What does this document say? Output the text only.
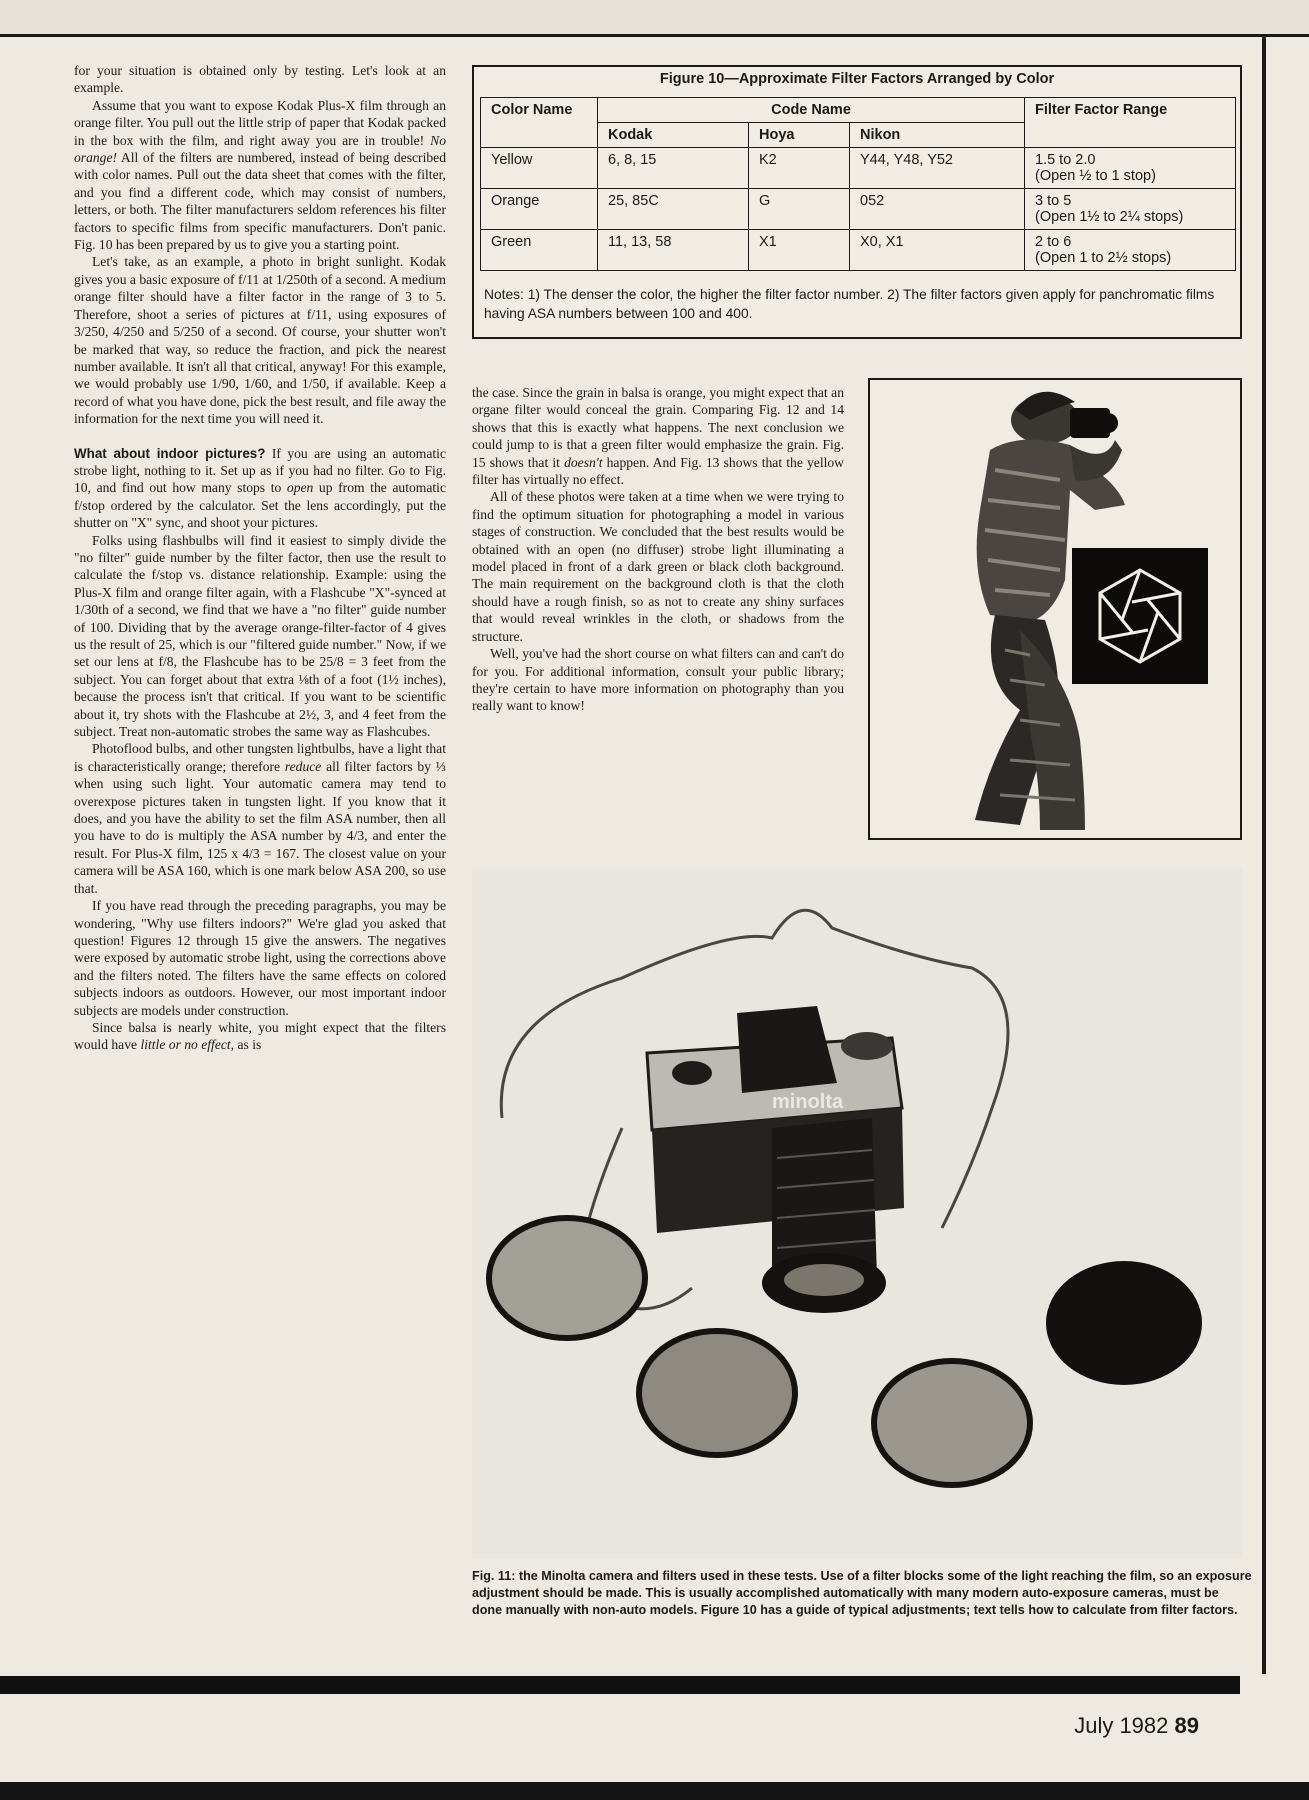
for your situation is obtained only by testing. Let's look at an example.

Assume that you want to expose Kodak Plus-X film through an orange filter. You pull out the little strip of paper that Kodak packed in the box with the film, and right away you are in trouble! No orange! All of the filters are numbered, instead of being described with color names. Pull out the data sheet that comes with the filter, and you find a different code, which may consist of numbers, letters, or both. The filter manufacturers seldom references his filter factors to specific films from specific manufacturers. Don't panic. Fig. 10 has been prepared by us to give you a starting point.

Let's take, as an example, a photo in bright sunlight. Kodak gives you a basic exposure of f/11 at 1/250th of a second. A medium orange filter should have a filter factor in the range of 3 to 5. Therefore, shoot a series of pictures at f/11, using exposures of 3/250, 4/250 and 5/250 of a second. Of course, your shutter won't be marked that way, so reduce the fraction, and pick the nearest number available. It isn't all that critical, anyway! For this example, we would probably use 1/90, 1/60, and 1/50, if available. Keep a record of what you have done, pick the best result, and file away the information for the next time you will need it.

What about indoor pictures? If you are using an automatic strobe light, nothing to it. Set up as if you had no filter. Go to Fig. 10, and find out how many stops to open up from the automatic f/stop ordered by the calculator. Set the lens accordingly, put the shutter on "X" sync, and shoot your pictures.

Folks using flashbulbs will find it easiest to simply divide the "no filter" guide number by the filter factor, then use the result to calculate the f/stop vs. distance relationship. Example: using the Plus-X film and orange filter again, with a Flashcube "X"-synced at 1/30th of a second, we find that we have a "no filter" guide number of 100. Dividing that by the average orange-filter-factor of 4 gives us the result of 25, which is our "filtered guide number." Now, if we set our lens at f/8, the Flashcube has to be 25/8 = 3 feet from the subject. You can forget about that extra ⅛th of a foot (1½ inches), because the process isn't that critical. If you want to be scientific about it, try shots with the Flashcube at 2½, 3, and 4 feet from the subject. Treat non-automatic strobes the same way as Flashcubes.

Photoflood bulbs, and other tungsten lightbulbs, have a light that is characteristically orange; therefore reduce all filter factors by ⅓ when using such light. Your automatic camera may tend to overexpose pictures taken in tungsten light. If you know that it does, and you have the ability to set the film ASA number, then all you have to do is multiply the ASA number by 4/3, and enter the result. For Plus-X film, 125 x 4/3 = 167. The closest value on your camera will be ASA 160, which is one mark below ASA 200, so use that.

If you have read through the preceding paragraphs, you may be wondering, "Why use filters indoors?" We're glad you asked that question! Figures 12 through 15 give the answers. The negatives were exposed by automatic strobe light, using the corrections above and the filters noted. The filters have the same effects on colored subjects indoors as outdoors. However, our most important indoor subjects are models under construction.

Since balsa is nearly white, you might expect that the filters would have little or no effect, as is

Figure 10—Approximate Filter Factors Arranged by Color
Color Name	Code Name			Filter Factor Range
	Kodak	Hoya	Nikon	
Yellow	6, 8, 15	K2	Y44, Y48, Y52	1.5 to 2.0
(Open ½ to 1 stop)

Orange	25, 85C	G	052	3 to 5
(Open 1½ to 2¼ stops)

Green	11, 13, 58	X1	X0, X1	2 to 6
(Open 1 to 2½ stops)
Notes: 1) The denser the color, the higher the filter factor number. 2) The filter factors given apply for panchromatic films having ASA numbers between 100 and 400.

the case. Since the grain in balsa is orange, you might expect that an organe filter would conceal the grain. Comparing Fig. 12 and 14 shows that this is exactly what happens. The next conclusion we could jump to is that a green filter would emphasize the grain. Fig. 15 shows that it doesn't happen. And Fig. 13 shows that the yellow filter has virtually no effect.

All of these photos were taken at a time when we were trying to find the optimum situation for photographing a model in various stages of construction. We concluded that the best results would be obtained with an open (no diffuser) strobe light illuminating a model placed in front of a dark green or black cloth background. The main requirement on the background cloth is that the cloth should have a rough finish, so as not to create any shiny surfaces that would reveal wrinkles in the cloth, or shadows from the structure.

Well, you've had the short course on what filters can and can't do for you. For additional information, consult your public library; they're certain to have more information on photography than you really want to know!

minolta
Fig. 11: the Minolta camera and filters used in these tests. Use of a filter blocks some of the light reaching the film, so an exposure adjustment should be made. This is usually accomplished automatically with many modern auto-exposure cameras, must be done manually with non-auto models. Figure 10 has a guide of typical adjustments; text tells how to calculate from filter factors.
July 1982 89
